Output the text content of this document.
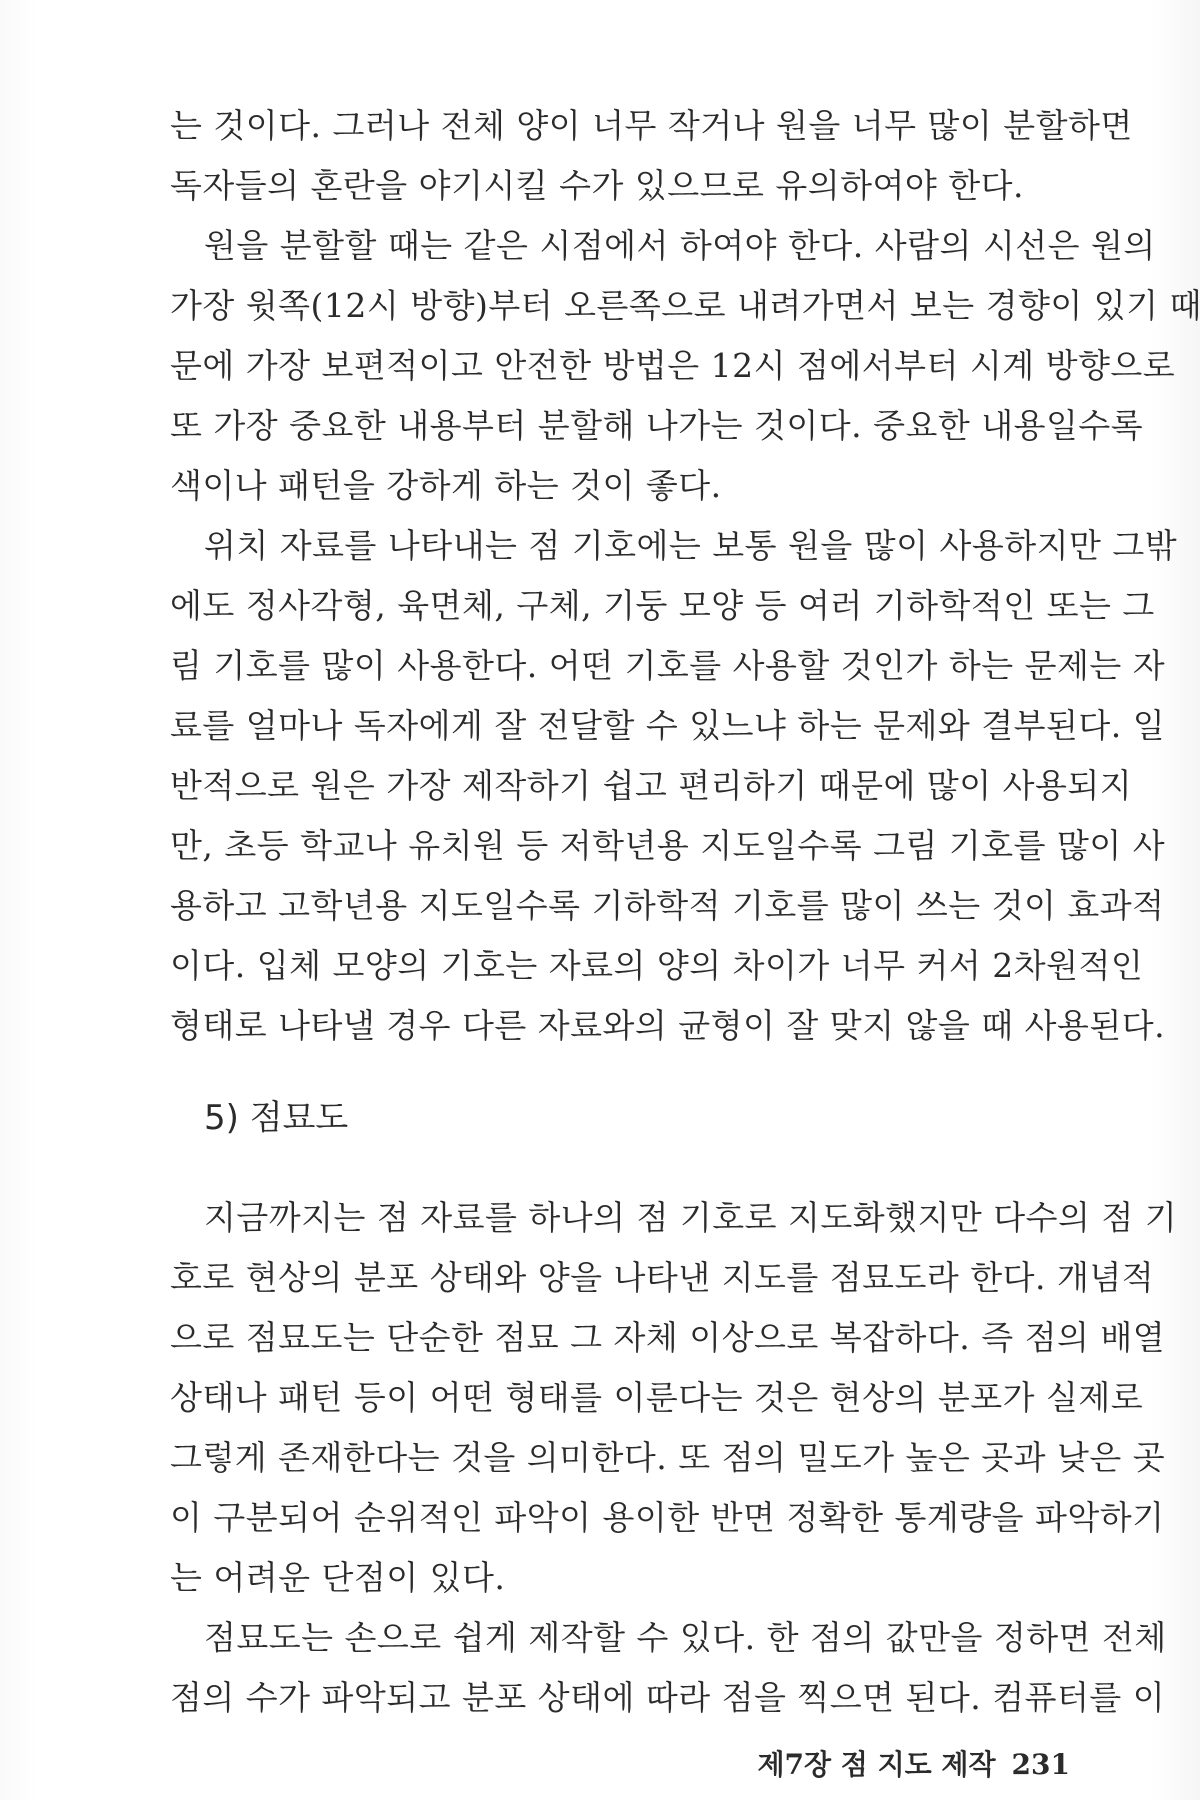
는 것이다. 그러나 전체 양이 너무 작거나 원을 너무 많이 분할하면
독자들의 혼란을 야기시킬 수가 있으므로 유의하여야 한다.
원을 분할할 때는 같은 시점에서 하여야 한다. 사람의 시선은 원의
가장 윗쪽(12시 방향)부터 오른쪽으로 내려가면서 보는 경향이 있기 때
문에 가장 보편적이고 안전한 방법은 12시 점에서부터 시계 방향으로
또 가장 중요한 내용부터 분할해 나가는 것이다. 중요한 내용일수록
색이나 패턴을 강하게 하는 것이 좋다.
위치 자료를 나타내는 점 기호에는 보통 원을 많이 사용하지만 그밖
에도 정사각형, 육면체, 구체, 기둥 모양 등 여러 기하학적인 또는 그
림 기호를 많이 사용한다. 어떤 기호를 사용할 것인가 하는 문제는 자
료를 얼마나 독자에게 잘 전달할 수 있느냐 하는 문제와 결부된다. 일
반적으로 원은 가장 제작하기 쉽고 편리하기 때문에 많이 사용되지
만, 초등 학교나 유치원 등 저학년용 지도일수록 그림 기호를 많이 사
용하고 고학년용 지도일수록 기하학적 기호를 많이 쓰는 것이 효과적
이다. 입체 모양의 기호는 자료의 양의 차이가 너무 커서 2차원적인
형태로 나타낼 경우 다른 자료와의 균형이 잘 맞지 않을 때 사용된다.
5) 점묘도
지금까지는 점 자료를 하나의 점 기호로 지도화했지만 다수의 점 기
호로 현상의 분포 상태와 양을 나타낸 지도를 점묘도라 한다. 개념적
으로 점묘도는 단순한 점묘 그 자체 이상으로 복잡하다. 즉 점의 배열
상태나 패턴 등이 어떤 형태를 이룬다는 것은 현상의 분포가 실제로
그렇게 존재한다는 것을 의미한다. 또 점의 밀도가 높은 곳과 낮은 곳
이 구분되어 순위적인 파악이 용이한 반면 정확한 통계량을 파악하기
는 어려운 단점이 있다.
점묘도는 손으로 쉽게 제작할 수 있다. 한 점의 값만을 정하면 전체
점의 수가 파악되고 분포 상태에 따라 점을 찍으면 된다. 컴퓨터를 이
제7장 점 지도 제작 231
